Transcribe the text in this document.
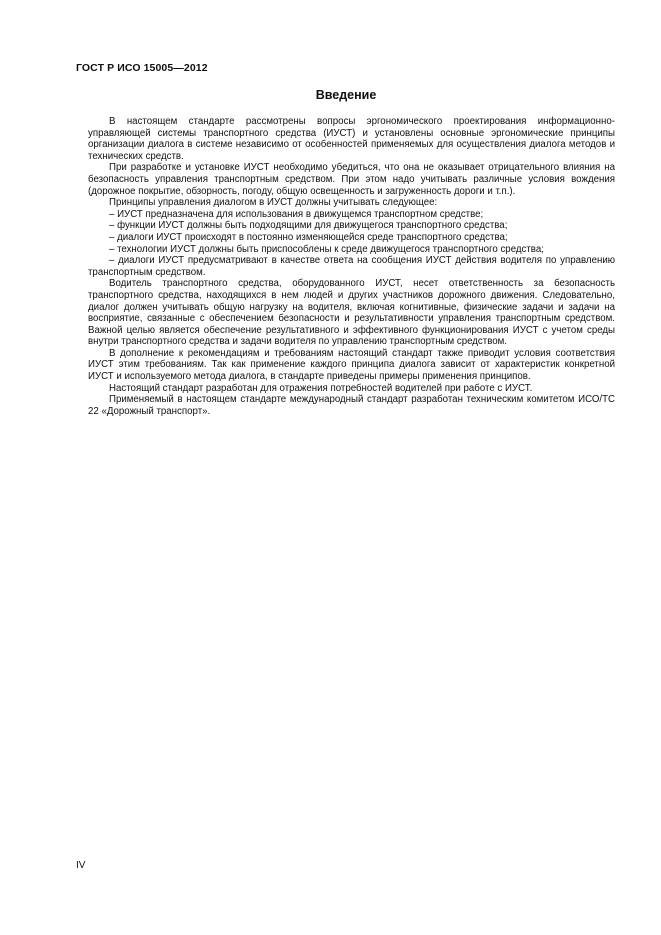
ГОСТ Р ИСО 15005—2012
Введение

В настоящем стандарте рассмотрены вопросы эргономического проектирования информационно-управляющей системы транспортного средства (ИУСТ) и установлены основные эргономические принципы организации диалога в системе независимо от особенностей применяемых для осуществления диалога методов и технических средств.

При разработке и установке ИУСТ необходимо убедиться, что она не оказывает отрицательного влияния на безопасность управления транспортным средством. При этом надо учитывать различные условия вождения (дорожное покрытие, обзорность, погоду, общую освещенность и загруженность дороги и т.п.).

Принципы управления диалогом в ИУСТ должны учитывать следующее:

– ИУСТ предназначена для использования в движущемся транспортном средстве;

– функции ИУСТ должны быть подходящими для движущегося транспортного средства;

– диалоги ИУСТ происходят в постоянно изменяющейся среде транспортного средства;

– технологии ИУСТ должны быть приспособлены к среде движущегося транспортного средства;

– диалоги ИУСТ предусматривают в качестве ответа на сообщения ИУСТ действия водителя по управлению транспортным средством.

Водитель транспортного средства, оборудованного ИУСТ, несет ответственность за безопасность транспортного средства, находящихся в нем людей и других участников дорожного движения. Следовательно, диалог должен учитывать общую нагрузку на водителя, включая когнитивные, физические задачи и задачи на восприятие, связанные с обеспечением безопасности и результативности управления транспортным средством. Важной целью является обеспечение результативного и эффективного функционирования ИУСТ с учетом среды внутри транспортного средства и задачи водителя по управлению транспортным средством.

В дополнение к рекомендациям и требованиям настоящий стандарт также приводит условия соответствия ИУСТ этим требованиям. Так как применение каждого принципа диалога зависит от характеристик конкретной ИУСТ и используемого метода диалога, в стандарте приведены примеры применения принципов.

Настоящий стандарт разработан для отражения потребностей водителей при работе с ИУСТ.

Применяемый в настоящем стандарте международный стандарт разработан техническим комитетом ИСО/ТС 22 «Дорожный транспорт».

IV
